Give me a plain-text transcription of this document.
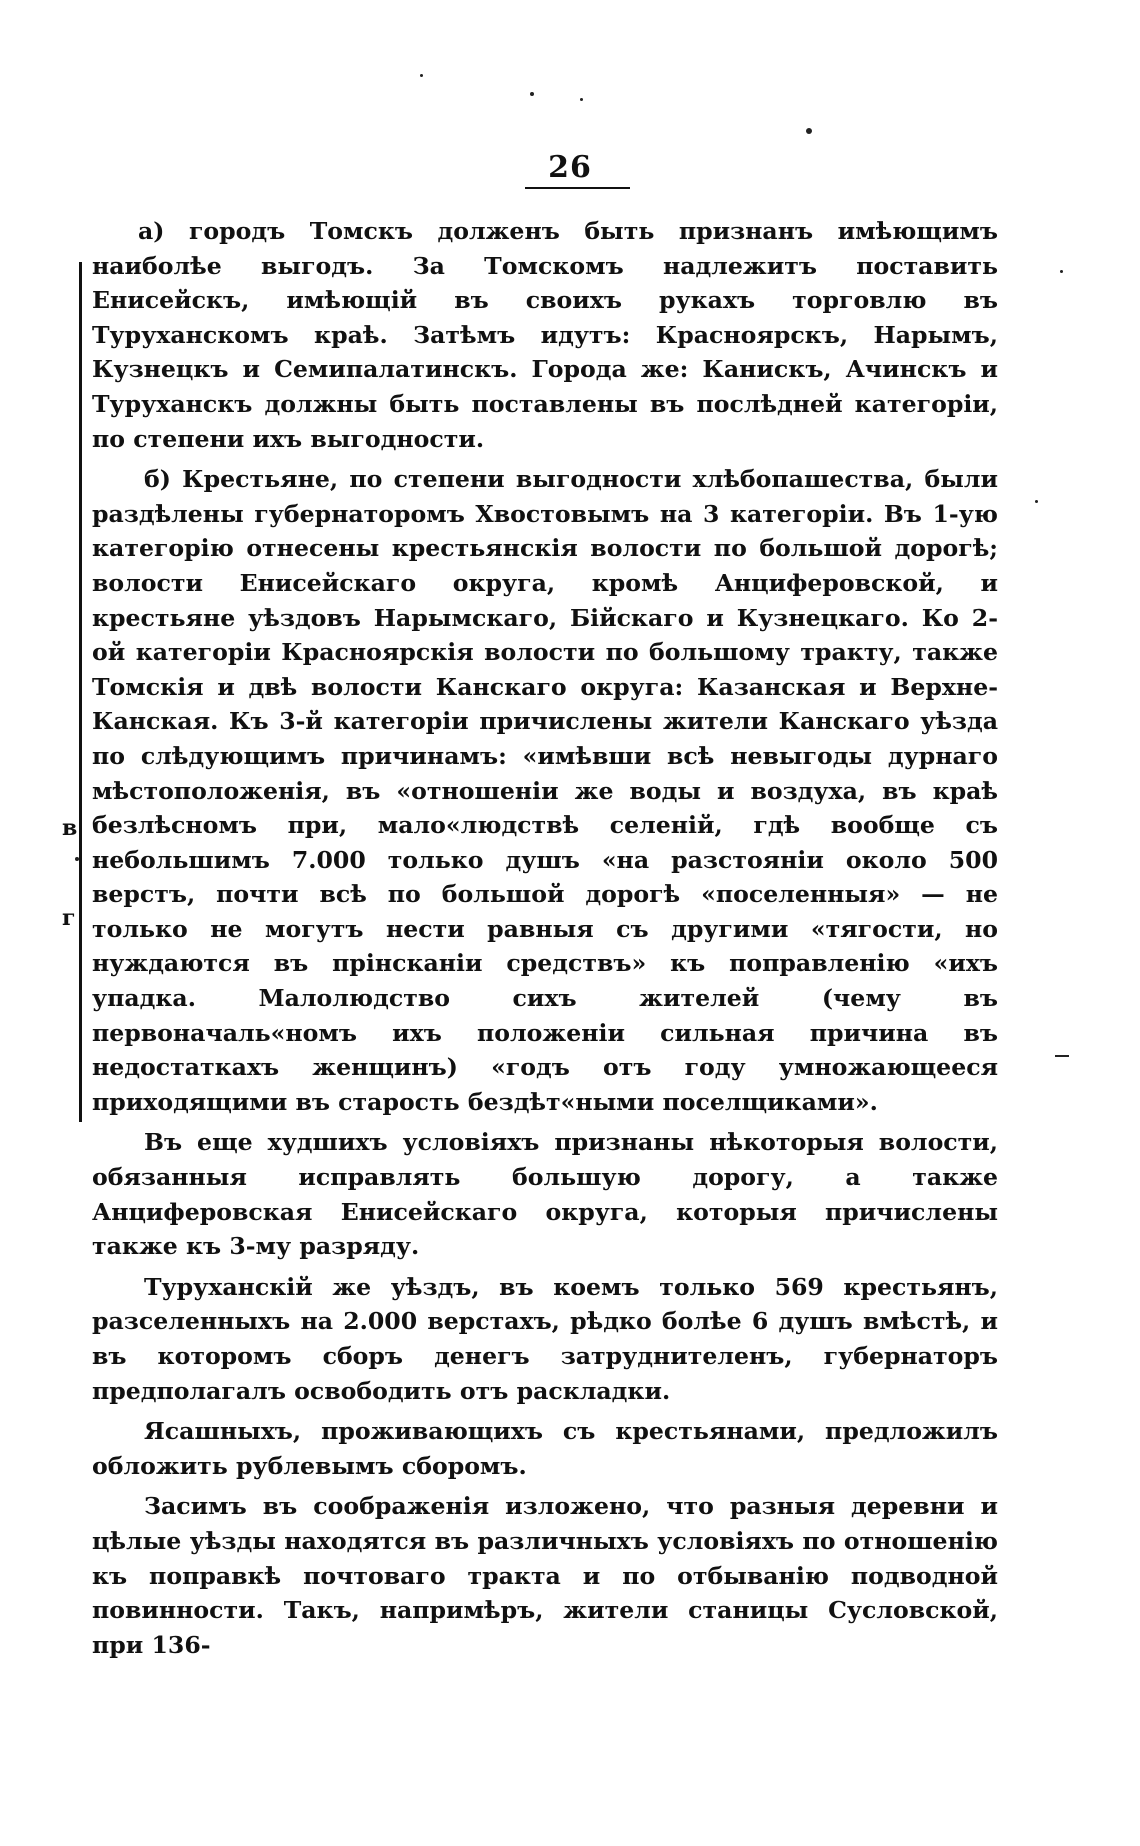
26
в
г

а) городъ Томскъ долженъ быть признанъ имѣющимъ наиболѣе выгодъ. За Томскомъ надлежитъ поставить Енисейскъ, имѣющій въ своихъ рукахъ торговлю въ Туруханскомъ краѣ. Затѣмъ идутъ: Красноярскъ, Нарымъ, Кузнецкъ и Семипалатинскъ. Города же: Канискъ, Ачинскъ и Туруханскъ должны быть поставлены въ послѣдней категоріи, по степени ихъ выгодности.

б) Крестьяне, по степени выгодности хлѣбопашества, были раздѣлены губернаторомъ Хвостовымъ на 3 категоріи. Въ 1-ую категорію отнесены крестьянскія волости по большой дорогѣ; волости Енисейскаго округа, кромѣ Анциферовской, и крестьяне уѣздовъ Нарымскаго, Бійскаго и Кузнецкаго. Ко 2-ой категоріи Красноярскія волости по большому тракту, также Томскія и двѣ волости Канскаго округа: Казанская и Верхне-Канская. Къ 3-й категоріи причислены жители Канскаго уѣзда по слѣдующимъ причинамъ: «имѣвши всѣ невыгоды дурнаго мѣстоположенія, въ «отношеніи же воды и воздуха, въ краѣ безлѣсномъ при, мало«людствѣ селеній, гдѣ вообще съ небольшимъ 7.000 только душъ «на разстояніи около 500 верстъ, почти всѣ по большой дорогѣ «поселенныя» — не только не могутъ нести равныя съ другими «тягости, но нуждаются въ прінсканіи средствъ» къ поправленію «ихъ упадка. Малолюдство сихъ жителей (чему въ первоначаль«номъ ихъ положеніи сильная причина въ недостаткахъ женщинъ) «годъ отъ году умножающееся приходящими въ старость бездѣт«ными поселщиками».

Въ еще худшихъ условіяхъ признаны нѣкоторыя волости, обязанныя исправлять большую дорогу, а также Анциферовская Енисейскаго округа, которыя причислены также къ 3-му разряду.

Туруханскій же уѣздъ, въ коемъ только 569 крестьянъ, разселенныхъ на 2.000 верстахъ, рѣдко болѣе 6 душъ вмѣстѣ, и въ которомъ сборъ денегъ затруднителенъ, губернаторъ предполагалъ освободить отъ раскладки.

Ясашныхъ, проживающихъ съ крестьянами, предложилъ обложить рублевымъ сборомъ.

Засимъ въ соображенія изложено, что разныя деревни и цѣлые уѣзды находятся въ различныхъ условіяхъ по отношенію къ поправкѣ почтоваго тракта и по отбыванію подводной повинности. Такъ, напримѣръ, жители станицы Сусловской, при 136-
